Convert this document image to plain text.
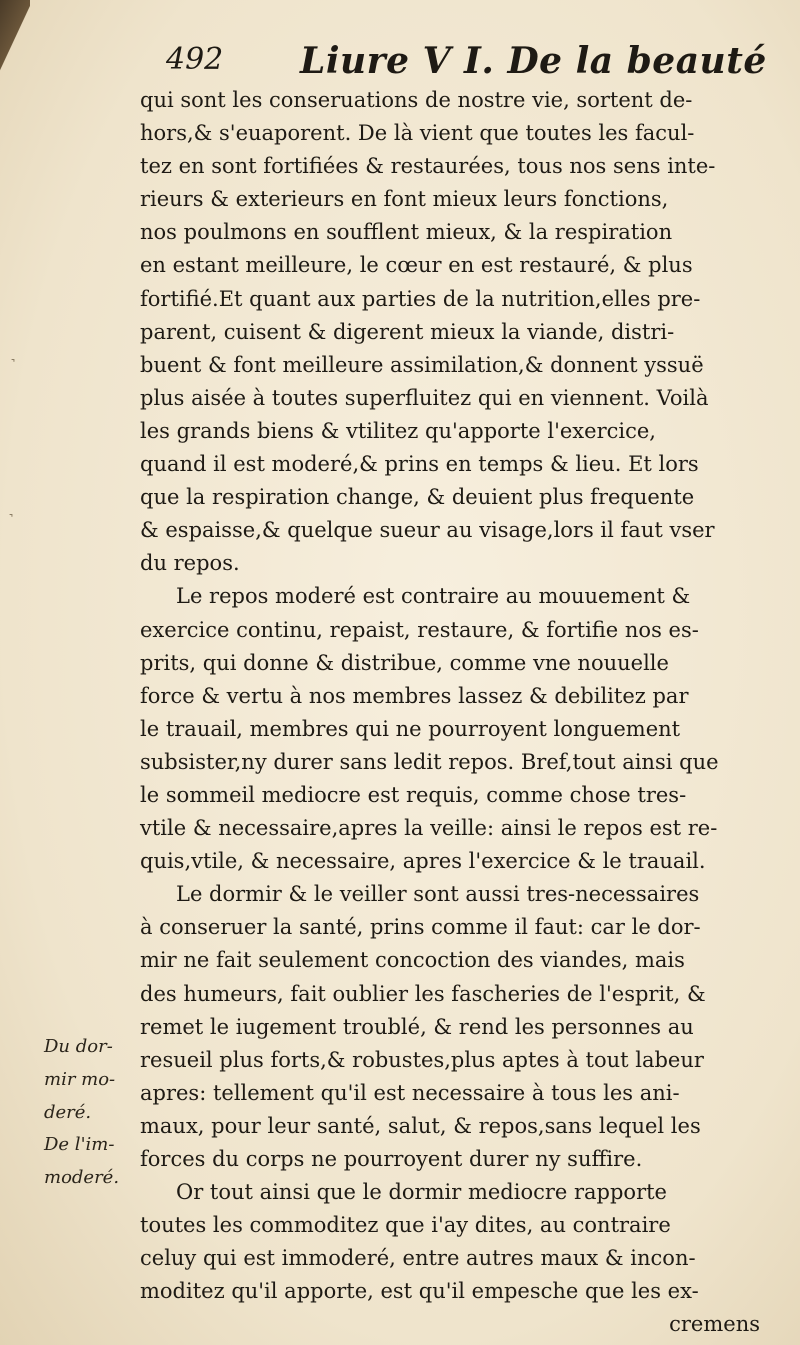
492 Liure V I. De la beauté
qui sont les conseruations de nostre vie, sortent de-
hors,& s'euaporent. De là vient que toutes les facul-
tez en sont fortifiées & restaurées, tous nos sens inte-
rieurs & exterieurs en font mieux leurs fonctions,
nos poulmons en soufflent mieux, & la respiration
en estant meilleure, le cœur en est restauré, & plus
fortifié.Et quant aux parties de la nutrition,elles pre-
parent, cuisent & digerent mieux la viande, distri-
buent & font meilleure assimilation,& donnent yssuë
plus aisée à toutes superfluitez qui en viennent. Voilà
les grands biens & vtilitez qu'apporte l'exercice,
quand il est moderé,& prins en temps & lieu. Et lors
que la respiration change, & deuient plus frequente
& espaisse,& quelque sueur au visage,lors il faut vser
du repos.
Le repos moderé est contraire au mouuement &
exercice continu, repaist, restaure, & fortifie nos es-
prits, qui donne & distribue, comme vne nouuelle
force & vertu à nos membres lassez & debilitez par
le trauail, membres qui ne pourroyent longuement
subsister,ny durer sans ledit repos. Bref,tout ainsi que
le sommeil mediocre est requis, comme chose tres-
vtile & necessaire,apres la veille: ainsi le repos est re-
quis,vtile, & necessaire, apres l'exercice & le trauail.
Le dormir & le veiller sont aussi tres-necessaires
à conseruer la santé, prins comme il faut: car le dor-
mir ne fait seulement concoction des viandes, mais
des humeurs, fait oublier les fascheries de l'esprit, &
remet le iugement troublé, & rend les personnes au
resueil plus forts,& robustes,plus aptes à tout labeur
apres: tellement qu'il est necessaire à tous les ani-
maux, pour leur santé, salut, & repos,sans lequel les
forces du corps ne pourroyent durer ny suffire.
Or tout ainsi que le dormir mediocre rapporte
toutes les commoditez que i'ay dites, au contraire
celuy qui est immoderé, entre autres maux & incon-
moditez qu'il apporte, est qu'il empesche que les ex-
cremens
Du dor-
mir mo-
deré.
De l'im-
moderé.
˺
˺
